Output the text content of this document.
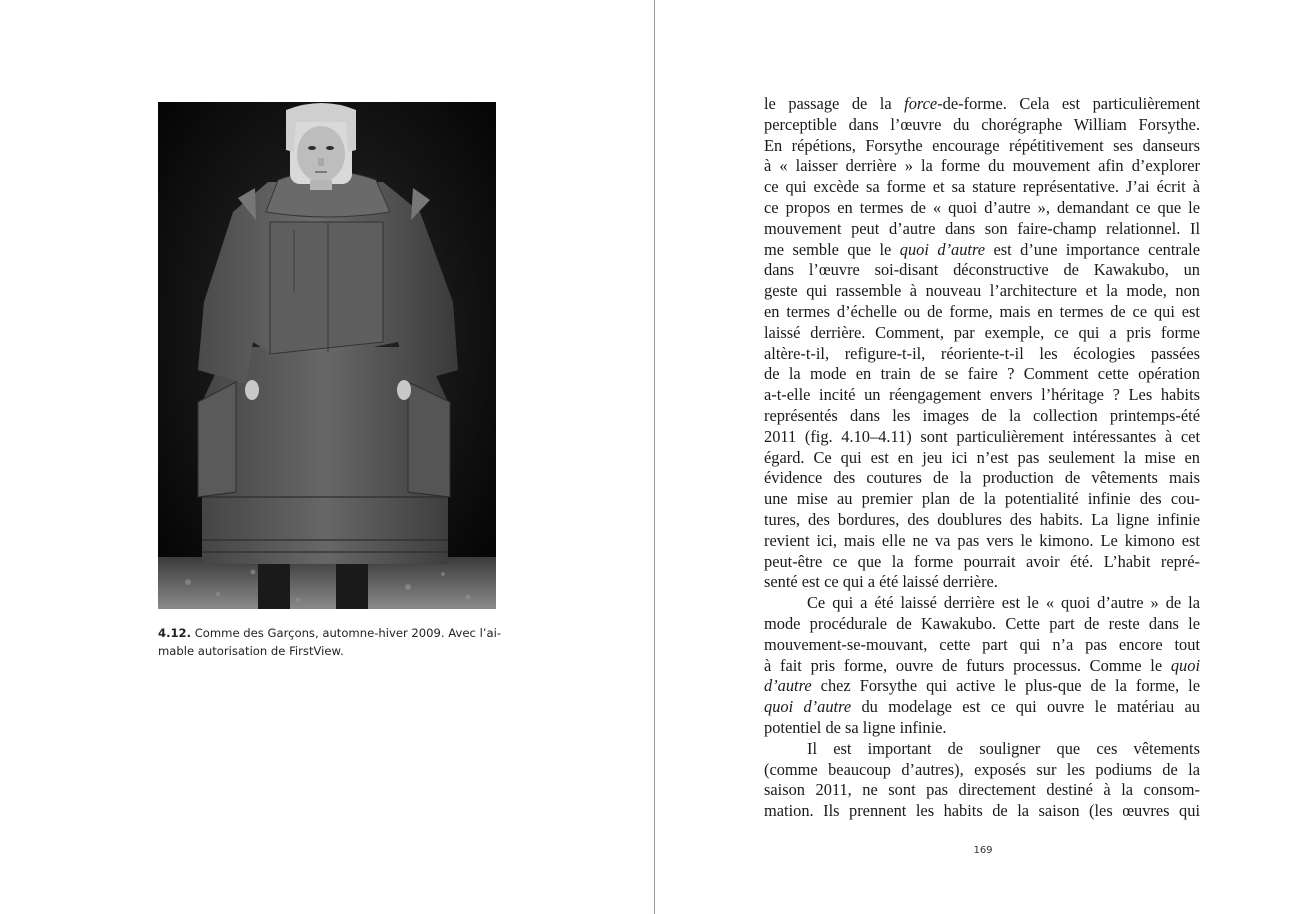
4.12. Comme des Garçons, automne-hiver 2009. Avec l’ai-
mable autorisation de FirstView.
le passage de la force-de-forme. Cela est particulièrement
perceptible dans l’œuvre du chorégraphe William Forsythe.
En répétions, Forsythe encourage répétitivement ses danseurs
à « laisser derrière » la forme du mouvement afin d’explorer
ce qui excède sa forme et sa stature représentative. J’ai écrit à
ce propos en termes de « quoi d’autre », demandant ce que le
mouvement peut d’autre dans son faire-champ relationnel. Il
me semble que le quoi d’autre est d’une importance centrale
dans l’œuvre soi-disant déconstructive de Kawakubo, un
geste qui rassemble à nouveau l’architecture et la mode, non
en termes d’échelle ou de forme, mais en termes de ce qui est
laissé derrière. Comment, par exemple, ce qui a pris forme
altère-t-il, refigure-t-il, réoriente-t-il les écologies passées
de la mode en train de se faire ? Comment cette opération
a-t-elle incité un réengagement envers l’héritage ? Les habits
représentés dans les images de la collection printemps-été
2011 (fig. 4.10–4.11) sont particulièrement intéressantes à cet
égard. Ce qui est en jeu ici n’est pas seulement la mise en
évidence des coutures de la production de vêtements mais
une mise au premier plan de la potentialité infinie des cou-
tures, des bordures, des doublures des habits. La ligne infinie
revient ici, mais elle ne va pas vers le kimono. Le kimono est
peut-être ce que la forme pourrait avoir été. L’habit repré-
senté est ce qui a été laissé derrière.
Ce qui a été laissé derrière est le « quoi d’autre » de la
mode procédurale de Kawakubo. Cette part de reste dans le
mouvement-se-mouvant, cette part qui n’a pas encore tout
à fait pris forme, ouvre de futurs processus. Comme le quoi
d’autre chez Forsythe qui active le plus-que de la forme, le
quoi d’autre du modelage est ce qui ouvre le matériau au
potentiel de sa ligne infinie.
Il est important de souligner que ces vêtements
(comme beaucoup d’autres), exposés sur les podiums de la
saison 2011, ne sont pas directement destiné à la consom-
mation. Ils prennent les habits de la saison (les œuvres qui
169
